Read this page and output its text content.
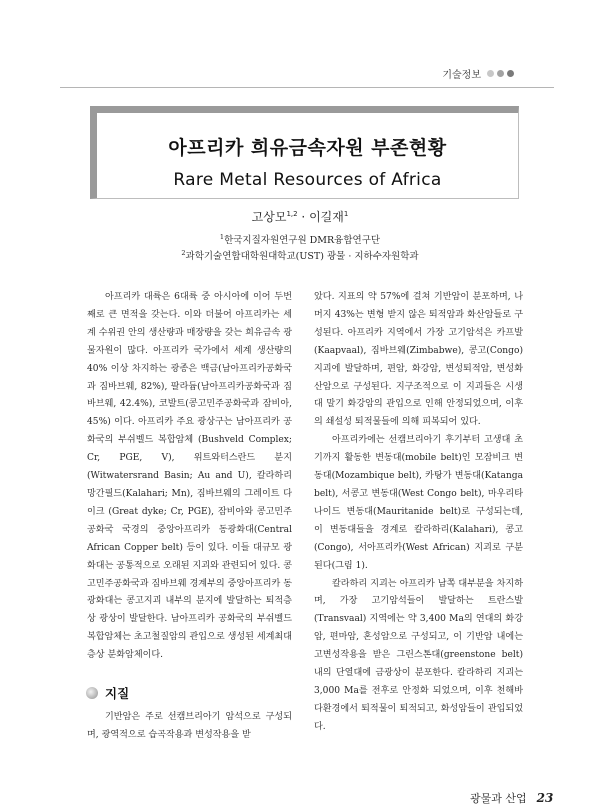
기술정보
아프리카 희유금속자원 부존현황
Rare Metal Resources of Africa
고상모$^{1,2}$ · 이길재$^1$
$^1$한국지질자원연구원 DMR융합연구단
$^2$과학기술연합대학원대학교(UST) 광물 · 지하수자원학과

아프리카 대륙은 6대륙 중 아시아에 이어 두번째로 큰 면적을 갖는다. 이와 더불어 아프리카는 세계 수위권 안의 생산량과 매장량을 갖는 희유금속 광물자원이 많다. 아프리카 국가에서 세계 생산량의 40% 이상 차지하는 광종은 백금(남아프리카공화국과 짐바브웨, 82%), 팔라듐(남아프리카공화국과 짐바브웨, 42.4%), 코발트(콩고민주공화국과 잠비아, 45%) 이다. 아프리카 주요 광상구는 남아프리카 공화국의 부쉬벨드 복합암체 (Bushveld Complex; Cr, PGE, V), 위트와터스란드 분지 (Witwatersrand Basin; Au and U), 칼라하리 망간필드(Kalahari; Mn), 짐바브웨의 그레이트 다이크 (Great dyke; Cr, PGE), 잠비아와 콩고민주공화국 국경의 중앙아프리카 동광화대(Central African Copper belt) 등이 있다. 이들 대규모 광화대는 공통적으로 오래된 지괴와 관련되어 있다. 콩고민주공화국과 짐바브웨 경계부의 중앙아프리카 동광화대는 콩고지괴 내부의 분지에 발달하는 퇴적층상 광상이 발달한다. 남아프리카 공화국의 부쉬벨드 복합암체는 초고철질암의 관입으로 생성된 세계최대 층상 분화암체이다.

지질

기반암은 주로 선캠브리아기 암석으로 구성되며, 광역적으로 습곡작용과 변성작용을 받

았다. 지표의 약 57%에 걸쳐 기반암이 분포하며, 나머지 43%는 변형 받지 않은 퇴적암과 화산암들로 구성된다. 아프리카 지역에서 가장 고기암석은 카프발(Kaapvaal), 짐바브웨(Zimbabwe), 콩고(Congo) 지괴에 발달하며, 편암, 화강암, 변성퇴적암, 변성화산암으로 구성된다. 지구조적으로 이 지괴들은 시생대 말기 화강암의 관입으로 인해 안정되었으며, 이후의 쇄설성 퇴적물들에 의해 피복되어 있다.

아프리카에는 선캠브리아기 후기부터 고생대 초기까지 활동한 변동대(mobile belt)인 모잠비크 변동대(Mozambique belt), 카탕가 변동대(Katanga belt), 서콩고 변동대(West Congo belt), 마우리타나이드 변동대(Mauritanide belt)로 구성되는데, 이 변동대들을 경계로 칼라하리(Kalahari), 콩고(Congo), 서아프리카(West African) 지괴로 구분된다(그림 1).

칼라하리 지괴는 아프리카 남쪽 대부분을 차지하며, 가장 고기암석들이 발달하는 트란스발(Transvaal) 지역에는 약 3,400 Ma의 연대의 화강암, 편마암, 혼성암으로 구성되고, 이 기반암 내에는 고변성작용을 받은 그린스톤대(greenstone belt) 내의 단열대에 금광상이 분포한다. 칼라하리 지괴는 3,000 Ma를 전후로 안정화 되었으며, 이후 천해바다환경에서 퇴적물이 퇴적되고, 화성암들이 관입되었다.

광물과 산업 23
